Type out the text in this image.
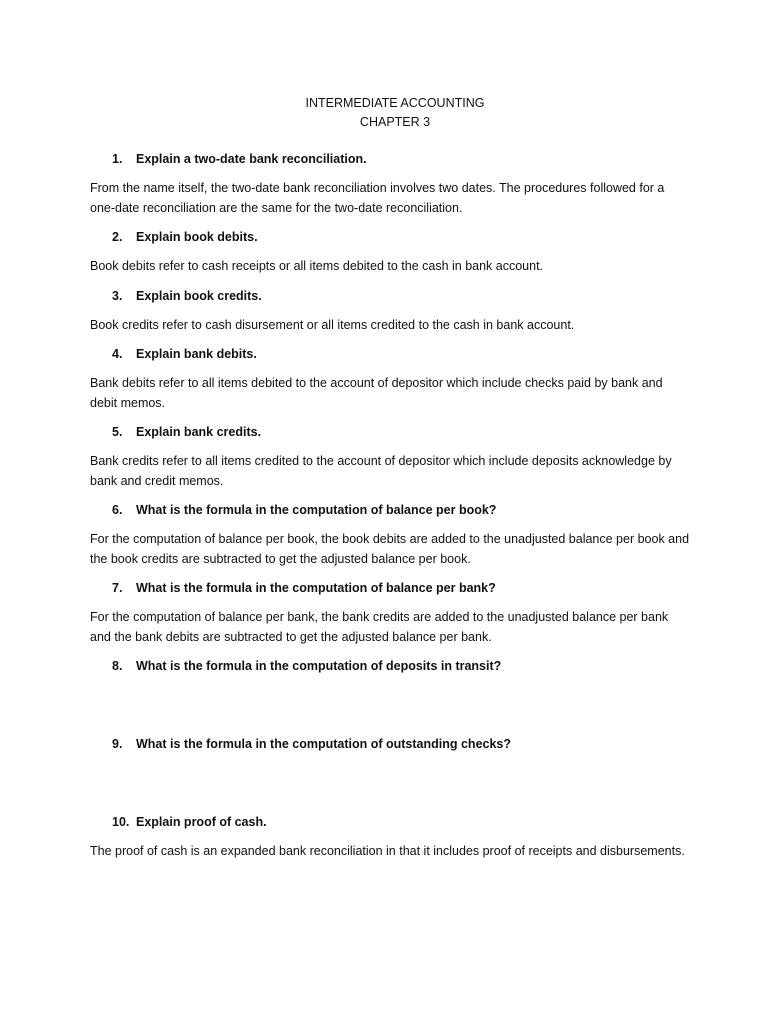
INTERMEDIATE ACCOUNTING
CHAPTER 3
1.	Explain a two-date bank reconciliation.
From the name itself, the two-date bank reconciliation involves two dates. The procedures followed for a one-date reconciliation are the same for the two-date reconciliation.
2.	Explain book debits.
Book debits refer to cash receipts or all items debited to the cash in bank account.
3.	Explain book credits.
Book credits refer to cash disursement or all items credited to the cash in bank account.
4.	Explain bank debits.
Bank debits refer to all items debited to the account of depositor which include checks paid by bank and debit memos.
5.	Explain bank credits.
Bank credits refer to all items credited to the account of depositor which include deposits acknowledge by bank and credit memos.
6.	What is the formula in the computation of balance per book?
For the computation of balance per book, the book debits are added to the unadjusted balance per book and the book credits are subtracted to get the adjusted balance per book.
7.	What is the formula in the computation of balance per bank?
For the computation of balance per bank, the bank credits are added to the unadjusted balance per bank and the bank debits are subtracted to get the adjusted balance per bank.
8.	What is the formula in the computation of deposits in transit?
9.	What is the formula in the computation of outstanding checks?
10. Explain proof of cash.
The proof of cash is an expanded bank reconciliation in that it includes proof of receipts and disbursements.
